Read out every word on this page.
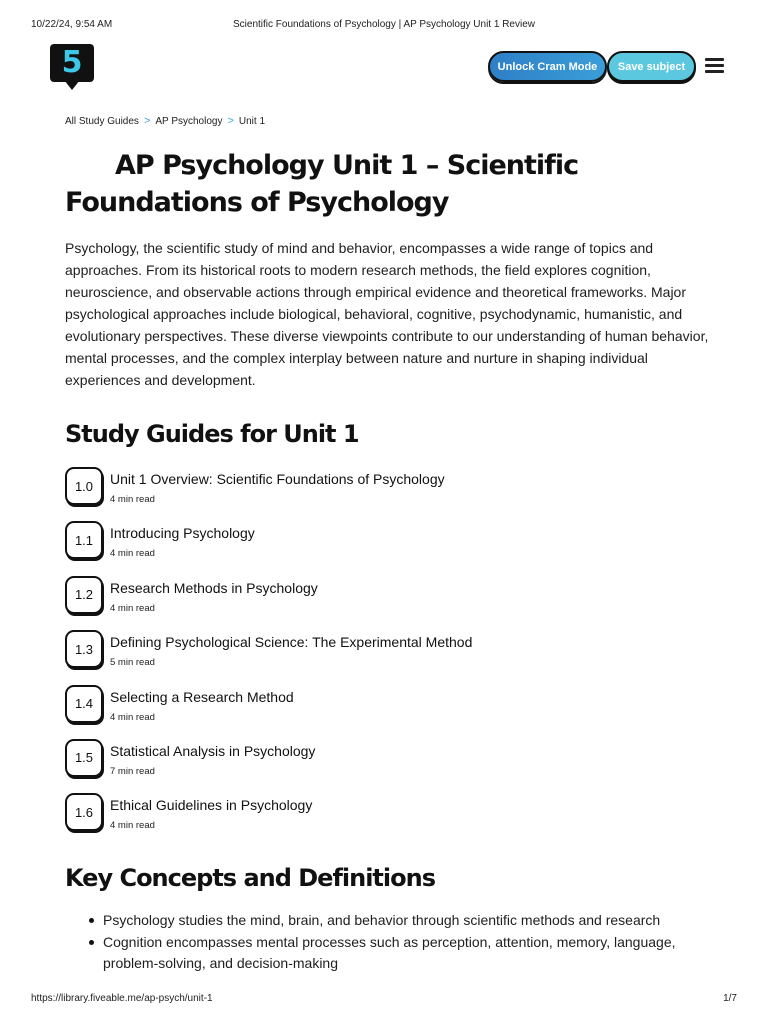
10/22/24, 9:54 AM	Scientific Foundations of Psychology | AP Psychology Unit 1 Review
5	Unlock Cram Mode	Save subject
All Study Guides > AP Psychology > Unit 1
AP Psychology Unit 1 – Scientific
Foundations of Psychology

Psychology, the scientific study of mind and behavior, encompasses a wide range of topics and approaches. From its historical roots to modern research methods, the field explores cognition, neuroscience, and observable actions through empirical evidence and theoretical frameworks. Major psychological approaches include biological, behavioral, cognitive, psychodynamic, humanistic, and evolutionary perspectives. These diverse viewpoints contribute to our understanding of human behavior, mental processes, and the complex interplay between nature and nurture in shaping individual experiences and development.

Study Guides for Unit 1
1.0	Unit 1 Overview: Scientific Foundations of Psychology
4 min read
1.1	Introducing Psychology
4 min read
1.2	Research Methods in Psychology
4 min read
1.3	Defining Psychological Science: The Experimental Method
5 min read
1.4	Selecting a Research Method
4 min read
1.5	Statistical Analysis in Psychology
7 min read
1.6	Ethical Guidelines in Psychology
4 min read
Key Concepts and Definitions
Psychology studies the mind, brain, and behavior through scientific methods and research
Cognition encompasses mental processes such as perception, attention, memory, language, problem-solving, and decision-making
https://library.fiveable.me/ap-psych/unit-1	1/7
